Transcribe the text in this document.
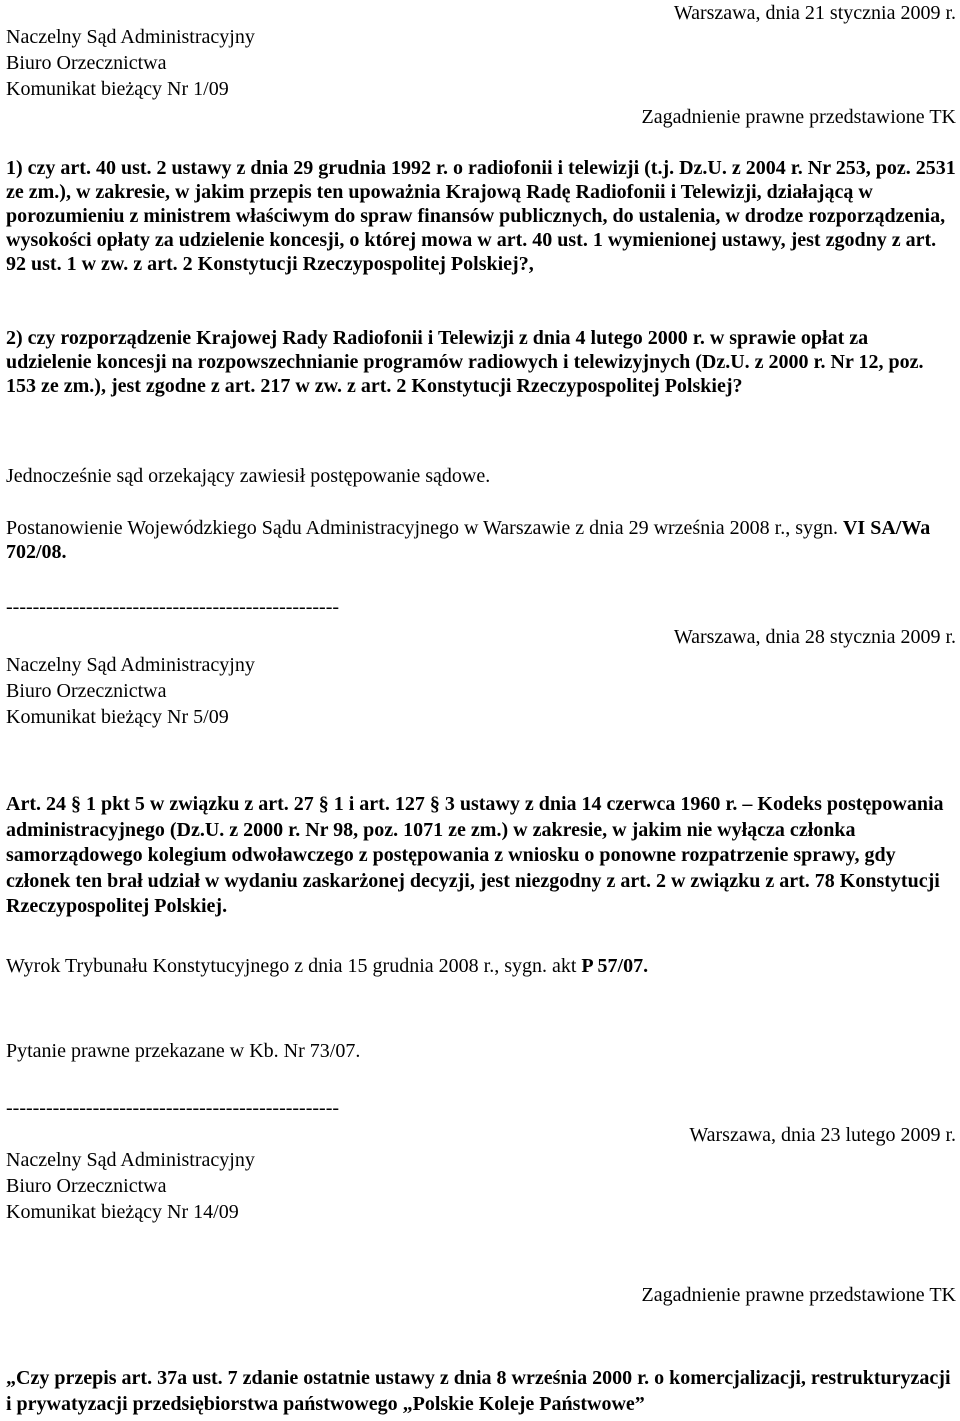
Naczelny Sąd Administracyjny
Biuro Orzecznictwa
Komunikat bieżący Nr 1/09
Warszawa, dnia 21 stycznia 2009 r.
Zagadnienie prawne przedstawione TK
1) czy art. 40 ust. 2 ustawy z dnia 29 grudnia 1992 r. o radiofonii i telewizji (t.j. Dz.U. z 2004 r. Nr 253, poz. 2531 ze zm.), w zakresie, w jakim przepis ten upoważnia Krajową Radę Radiofonii i Telewizji, działającą w porozumieniu z ministrem właściwym do spraw finansów publicznych, do ustalenia, w drodze rozporządzenia, wysokości opłaty za udzielenie koncesji, o której mowa w art. 40 ust. 1 wymienionej ustawy, jest zgodny z art. 92 ust. 1 w zw. z art. 2 Konstytucji Rzeczypospolitej Polskiej?,
2) czy rozporządzenie Krajowej Rady Radiofonii i Telewizji z dnia 4 lutego 2000 r. w sprawie opłat za udzielenie koncesji na rozpowszechnianie programów radiowych i telewizyjnych (Dz.U. z 2000 r. Nr 12, poz. 153 ze zm.), jest zgodne z art. 217 w zw. z art. 2 Konstytucji Rzeczypospolitej Polskiej?
Jednocześnie sąd orzekający zawiesił postępowanie sądowe.
Postanowienie Wojewódzkiego Sądu Administracyjnego w Warszawie z dnia 29 września 2008 r., sygn. VI SA/Wa 702/08.
--------------------------------------------------
Warszawa, dnia 28 stycznia 2009 r.
Naczelny Sąd Administracyjny
Biuro Orzecznictwa
Komunikat bieżący Nr 5/09
Art. 24 § 1 pkt 5 w związku z art. 27 § 1 i art. 127 § 3 ustawy z dnia 14 czerwca 1960 r. – Kodeks postępowania administracyjnego (Dz.U. z 2000 r. Nr 98, poz. 1071 ze zm.) w zakresie, w jakim nie wyłącza członka samorządowego kolegium odwoławczego z postępowania z wniosku o ponowne rozpatrzenie sprawy, gdy członek ten brał udział w wydaniu zaskarżonej decyzji, jest niezgodny z art. 2 w związku z art. 78 Konstytucji Rzeczypospolitej Polskiej.
Wyrok Trybunału Konstytucyjnego z dnia 15 grudnia 2008 r., sygn. akt P 57/07.
Pytanie prawne przekazane w Kb. Nr 73/07.
--------------------------------------------------
Warszawa, dnia 23 lutego 2009 r.
Naczelny Sąd Administracyjny
Biuro Orzecznictwa
Komunikat bieżący Nr 14/09
Zagadnienie prawne przedstawione TK
„Czy przepis art. 37a ust. 7 zdanie ostatnie ustawy z dnia 8 września 2000 r. o komercjalizacji, restrukturyzacji i prywatyzacji przedsiębiorstwa państwowego „Polskie Koleje Państwowe”
